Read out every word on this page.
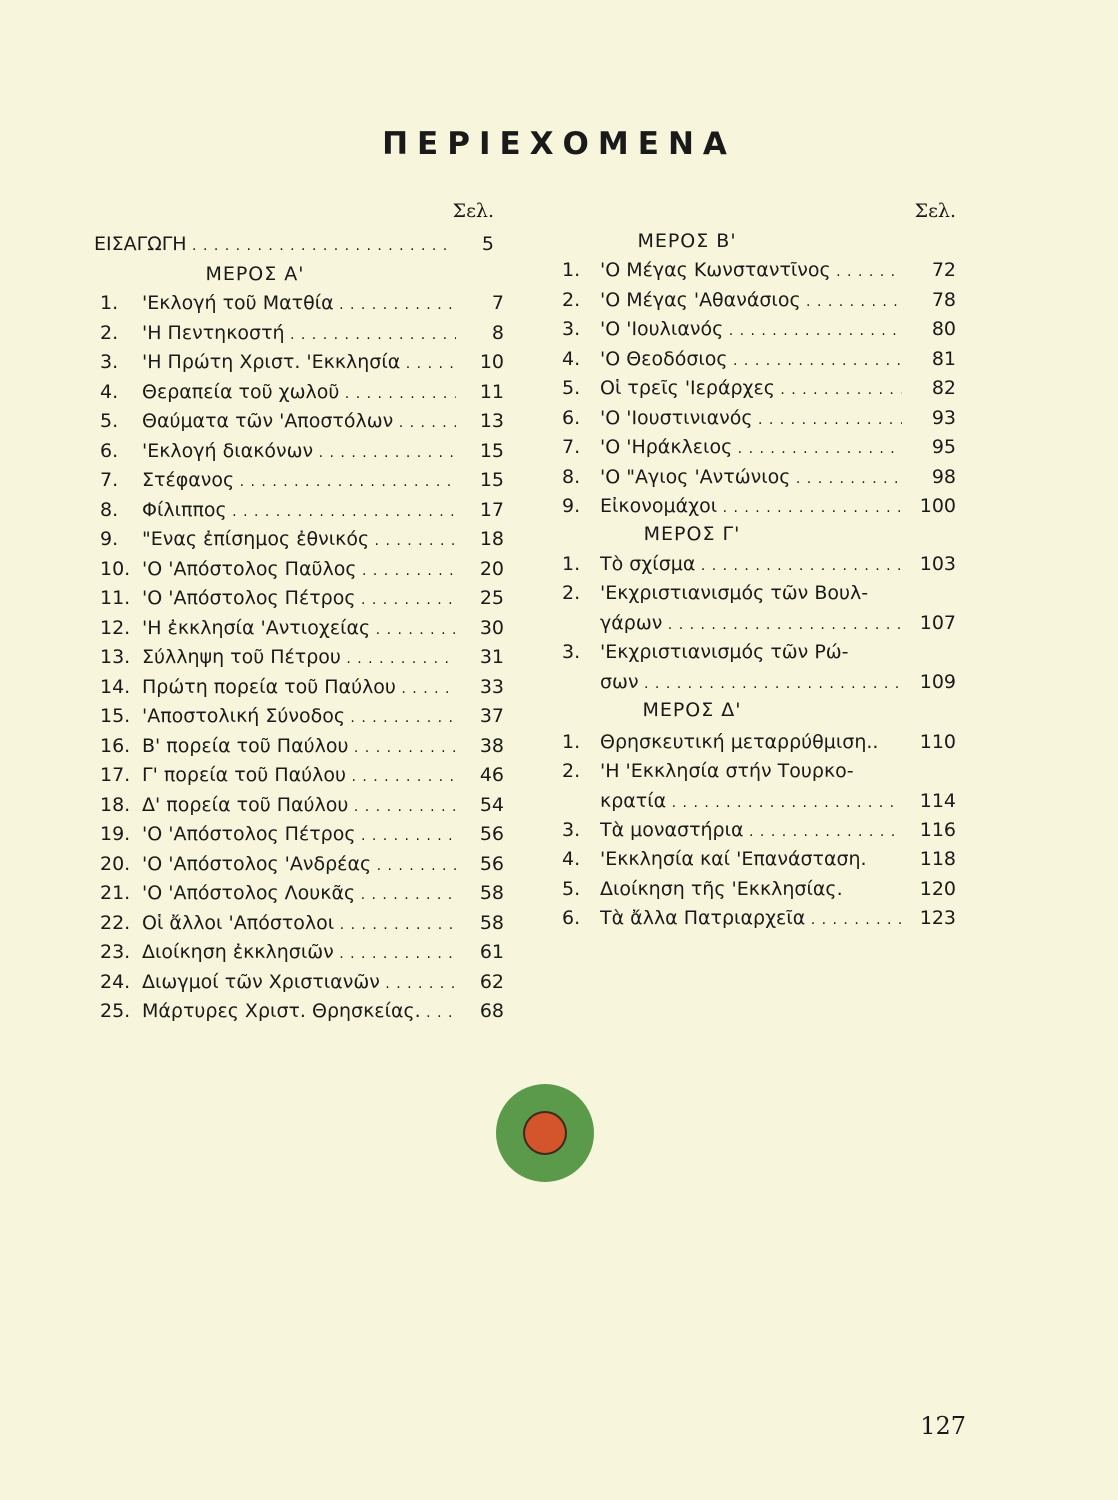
ΠΕΡΙΕΧΟΜΕΝΑ
Σελ.
ΕΙΣΑΓΩΓΗ . . .	5
ΜΕΡΟΣ Α'
1. 'Εκλογή τοῦ Ματθία . . .	7
2. 'Η Πεντηκοστή . . .	8
3. 'Η Πρώτη Χριστ. 'Εκκλησία . . .	10
4. Θεραπεία τοῦ χωλοῦ . . .	11
5. Θαύματα τῶν 'Αποστόλων . . .	13
6. 'Εκλογή διακόνων . . .	15
7. Στέφανος . . .	15
8. Φίλιππος . . .	17
9. "Ενας ἐπίσημος ἐθνικός . . .	18
10. 'Ο 'Απόστολος Παῦλος . . .	20
11. 'Ο 'Απόστολος Πέτρος . . .	25
12. 'Η ἐκκλησία 'Αντιοχείας . . .	30
13. Σύλληψη τοῦ Πέτρου . . .	31
14. Πρώτη πορεία τοῦ Παύλου . . .	33
15. 'Αποστολική Σύνοδος . . .	37
16. Β' πορεία τοῦ Παύλου . . .	38
17. Γ' πορεία τοῦ Παύλου . . .	46
18. Δ' πορεία τοῦ Παύλου . . .	54
19. 'Ο 'Απόστολος Πέτρος . . .	56
20. 'Ο 'Απόστολος 'Ανδρέας . . .	56
21. 'Ο 'Απόστολος Λουκᾶς . . .	58
22. Οἱ ἄλλοι 'Απόστολοι . . .	58
23. Διοίκηση ἐκκλησιῶν . . .	61
24. Διωγμοί τῶν Χριστιανῶν . . .	62
25. Μάρτυρες Χριστ. Θρησκείας. . . .	68
Σελ.
ΜΕΡΟΣ Β'
1. 'Ο Μέγας Κωνσταντῖνος . . .	72
2. 'Ο Μέγας 'Αθανάσιος . . .	78
3. 'Ο 'Ιουλιανός . . .	80
4. 'Ο Θεοδόσιος . . .	81
5. Οἱ τρεῖς 'Ιεράρχες . . .	82
6. 'Ο 'Ιουστινιανός . . .	93
7. 'Ο 'Ηράκλειος . . .	95
8. 'Ο "Αγιος 'Αντώνιος . . .	98
9. Εἰκονομάχοι . . .	100
ΜΕΡΟΣ Γ'
1. Τὸ σχίσμα . . .	103
2. 'Εκχριστιανισμός τῶν Βουλ-
γάρων . . .	107
3. 'Εκχριστιανισμός τῶν Ρώ-
σων . . .	109
ΜΕΡΟΣ Δ'
1. Θρησκευτική μεταρρύθμιση..	110
2. 'Η 'Εκκλησία στήν Τουρκο-
κρατία . . .	114
3. Τὰ μοναστήρια . . .	116
4. 'Εκκλησία καί 'Επανάσταση.	118
5. Διοίκηση τῆς 'Εκκλησίας.	120
6. Τὰ ἄλλα Πατριαρχεῖα . . .	123
127
